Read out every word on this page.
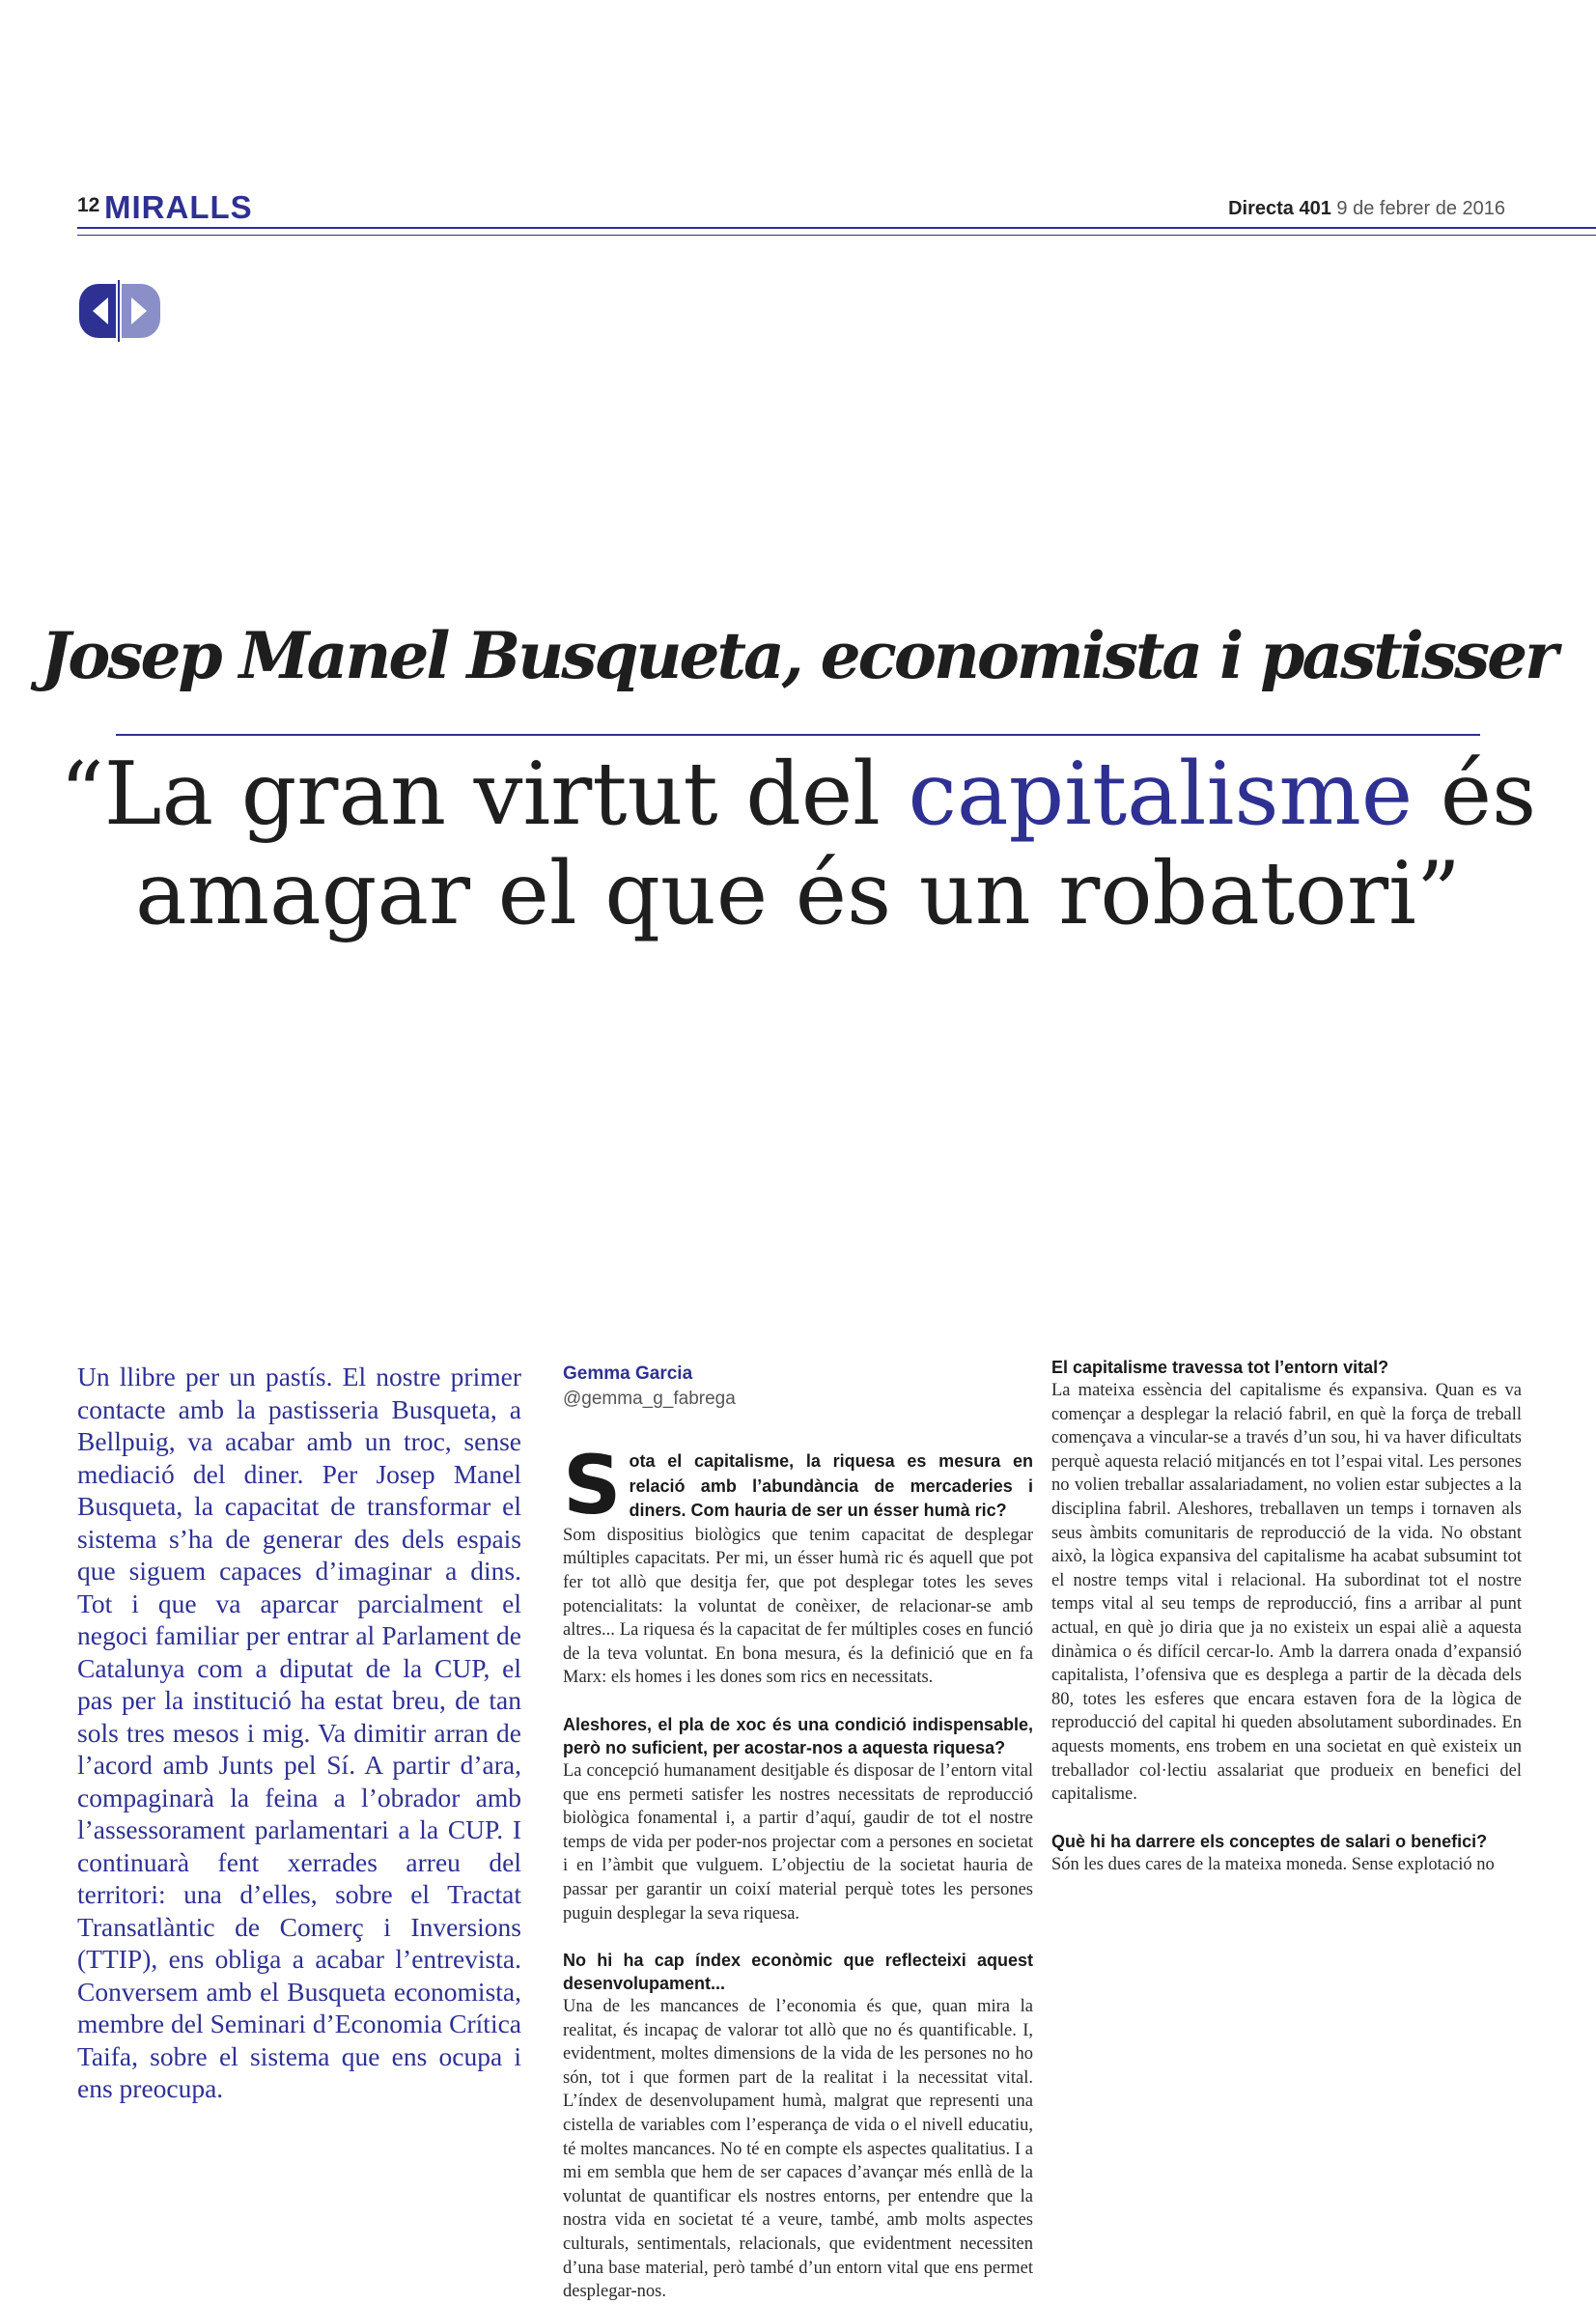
12 MIRALLS	Directa 401 9 de febrer de 2016
Josep Manel Busqueta, economista i pastisser
“La gran virtut del capitalisme és
amagar el que és un robatori”
Un llibre per un pastís. El nostre primer contacte amb la pastisseria Busqueta, a Bellpuig, va acabar amb un troc, sense mediació del diner. Per Josep Manel Busqueta, la capacitat de transformar el sistema s’ha de generar des dels espais que siguem capaces d’imaginar a dins. Tot i que va aparcar parcialment el negoci familiar per entrar al Parlament de Catalunya com a diputat de la CUP, el pas per la institució ha estat breu, de tan sols tres mesos i mig. Va dimitir arran de l’acord amb Junts pel Sí. A partir d’ara, compaginarà la feina a l’obrador amb l’assessorament parlamentari a la CUP. I continuarà fent xerrades arreu del territori: una d’elles, sobre el Tractat Transatlàntic de Comerç i Inversions (TTIP), ens obliga a acabar l’entrevista. Conversem amb el Busqueta economista, membre del Seminari d’Economia Crítica Taifa, sobre el sistema que ens ocupa i ens preocupa.
Gemma Garcia
@gemma_g_fabrega

Sota el capitalisme, la riquesa es mesura en relació amb l’abundància de mercaderies i diners. Com hauria de ser un ésser humà ric?

Som dispositius biològics que tenim capacitat de desplegar múltiples capacitats. Per mi, un ésser humà ric és aquell que pot fer tot allò que desitja fer, que pot desplegar totes les seves potencialitats: la voluntat de conèixer, de relacionar-se amb altres... La riquesa és la capacitat de fer múltiples coses en funció de la teva voluntat. En bona mesura, és la definició que en fa Marx: els homes i les dones som rics en necessitats.

Aleshores, el pla de xoc és una condició indispensable, però no suficient, per acostar-nos a aquesta riquesa?

La concepció humanament desitjable és disposar de l’entorn vital que ens permeti satisfer les nostres necessitats de reproducció biològica fonamental i, a partir d’aquí, gaudir de tot el nostre temps de vida per poder-nos projectar com a persones en societat i en l’àmbit que vulguem. L’objectiu de la societat hauria de passar per garantir un coixí material perquè totes les persones puguin desplegar la seva riquesa.

No hi ha cap índex econòmic que reflecteixi aquest desenvolupament...

Una de les mancances de l’economia és que, quan mira la realitat, és incapaç de valorar tot allò que no és quantificable. I, evidentment, moltes dimensions de la vida de les persones no ho són, tot i que formen part de la realitat i la necessitat vital. L’índex de desenvolupament humà, malgrat que representi una cistella de variables com l’esperança de vida o el nivell educatiu, té moltes mancances. No té en compte els aspectes qualitatius. I a mi em sembla que hem de ser capaces d’avançar més enllà de la voluntat de quantificar els nostres entorns, per entendre que la nostra vida en societat té a veure, també, amb molts aspectes culturals, sentimentals, relacionals, que evidentment necessiten d’una base material, però també d’un entorn vital que ens permet desplegar-nos.

El capitalisme travessa tot l’entorn vital?

La mateixa essència del capitalisme és expansiva. Quan es va començar a desplegar la relació fabril, en què la força de treball començava a vincular-se a través d’un sou, hi va haver dificultats perquè aquesta relació mitjancés en tot l’espai vital. Les persones no volien treballar assalariadament, no volien estar subjectes a la disciplina fabril. Aleshores, treballaven un temps i tornaven als seus àmbits comunitaris de reproducció de la vida. No obstant això, la lògica expansiva del capitalisme ha acabat subsumint tot el nostre temps vital i relacional. Ha subordinat tot el nostre temps vital al seu temps de reproducció, fins a arribar al punt actual, en què jo diria que ja no existeix un espai aliè a aquesta dinàmica o és difícil cercar-lo. Amb la darrera onada d’expansió capitalista, l’ofensiva que es desplega a partir de la dècada dels 80, totes les esferes que encara estaven fora de la lògica de reproducció del capital hi queden absolutament subordinades. En aquests moments, ens trobem en una societat en què existeix un treballador col·lectiu assalariat que produeix en benefici del capitalisme.

Què hi ha darrere els conceptes de salari o benefici?

Són les dues cares de la mateixa moneda. Sense explotació no
